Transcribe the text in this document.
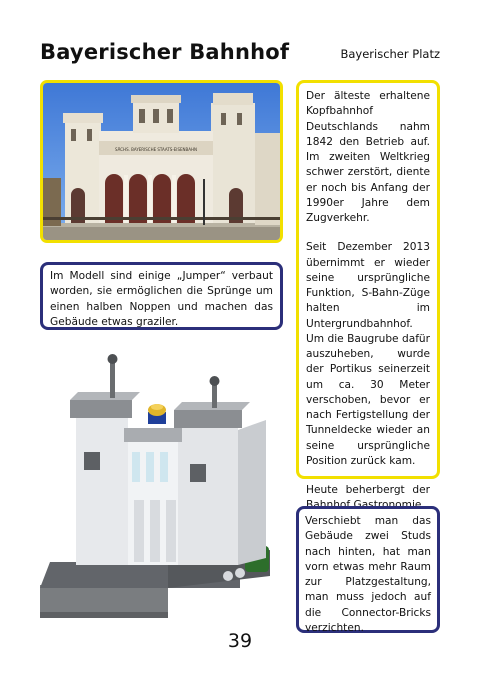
Bayerischer Bahnhof	Bayerischer Platz
SÄCHS. BAYERISCHE STAATS-EISENBAHN

Der älteste erhaltene Kopfbahnhof Deutschlands nahm 1842 den Betrieb auf. Im zweiten Weltkrieg schwer zerstört, diente er noch bis Anfang der 1990er Jahre dem Zugverkehr.

Seit Dezember 2013 übernimmt er wieder seine ursprüngliche Funktion, S-Bahn-Züge halten im Untergrundbahnhof. Um die Baugrube dafür auszuheben, wurde der Portikus seinerzeit um ca. 30 Meter verschoben, bevor er nach Fertigstellung der Tunneldecke wieder an seine ursprüngliche Position zurück kam.

Heute beherbergt der Bahnhof Gastronomie.

Im Modell sind einige „Jumper“ verbaut worden, sie ermöglichen die Sprünge um einen halben Noppen und machen das Gebäude etwas graziler.
Verschiebt man das Gebäude zwei Studs nach hinten, hat man vorn etwas mehr Raum zur Platzgestaltung, man muss jedoch auf die Connector-Bricks verzichten.
39
